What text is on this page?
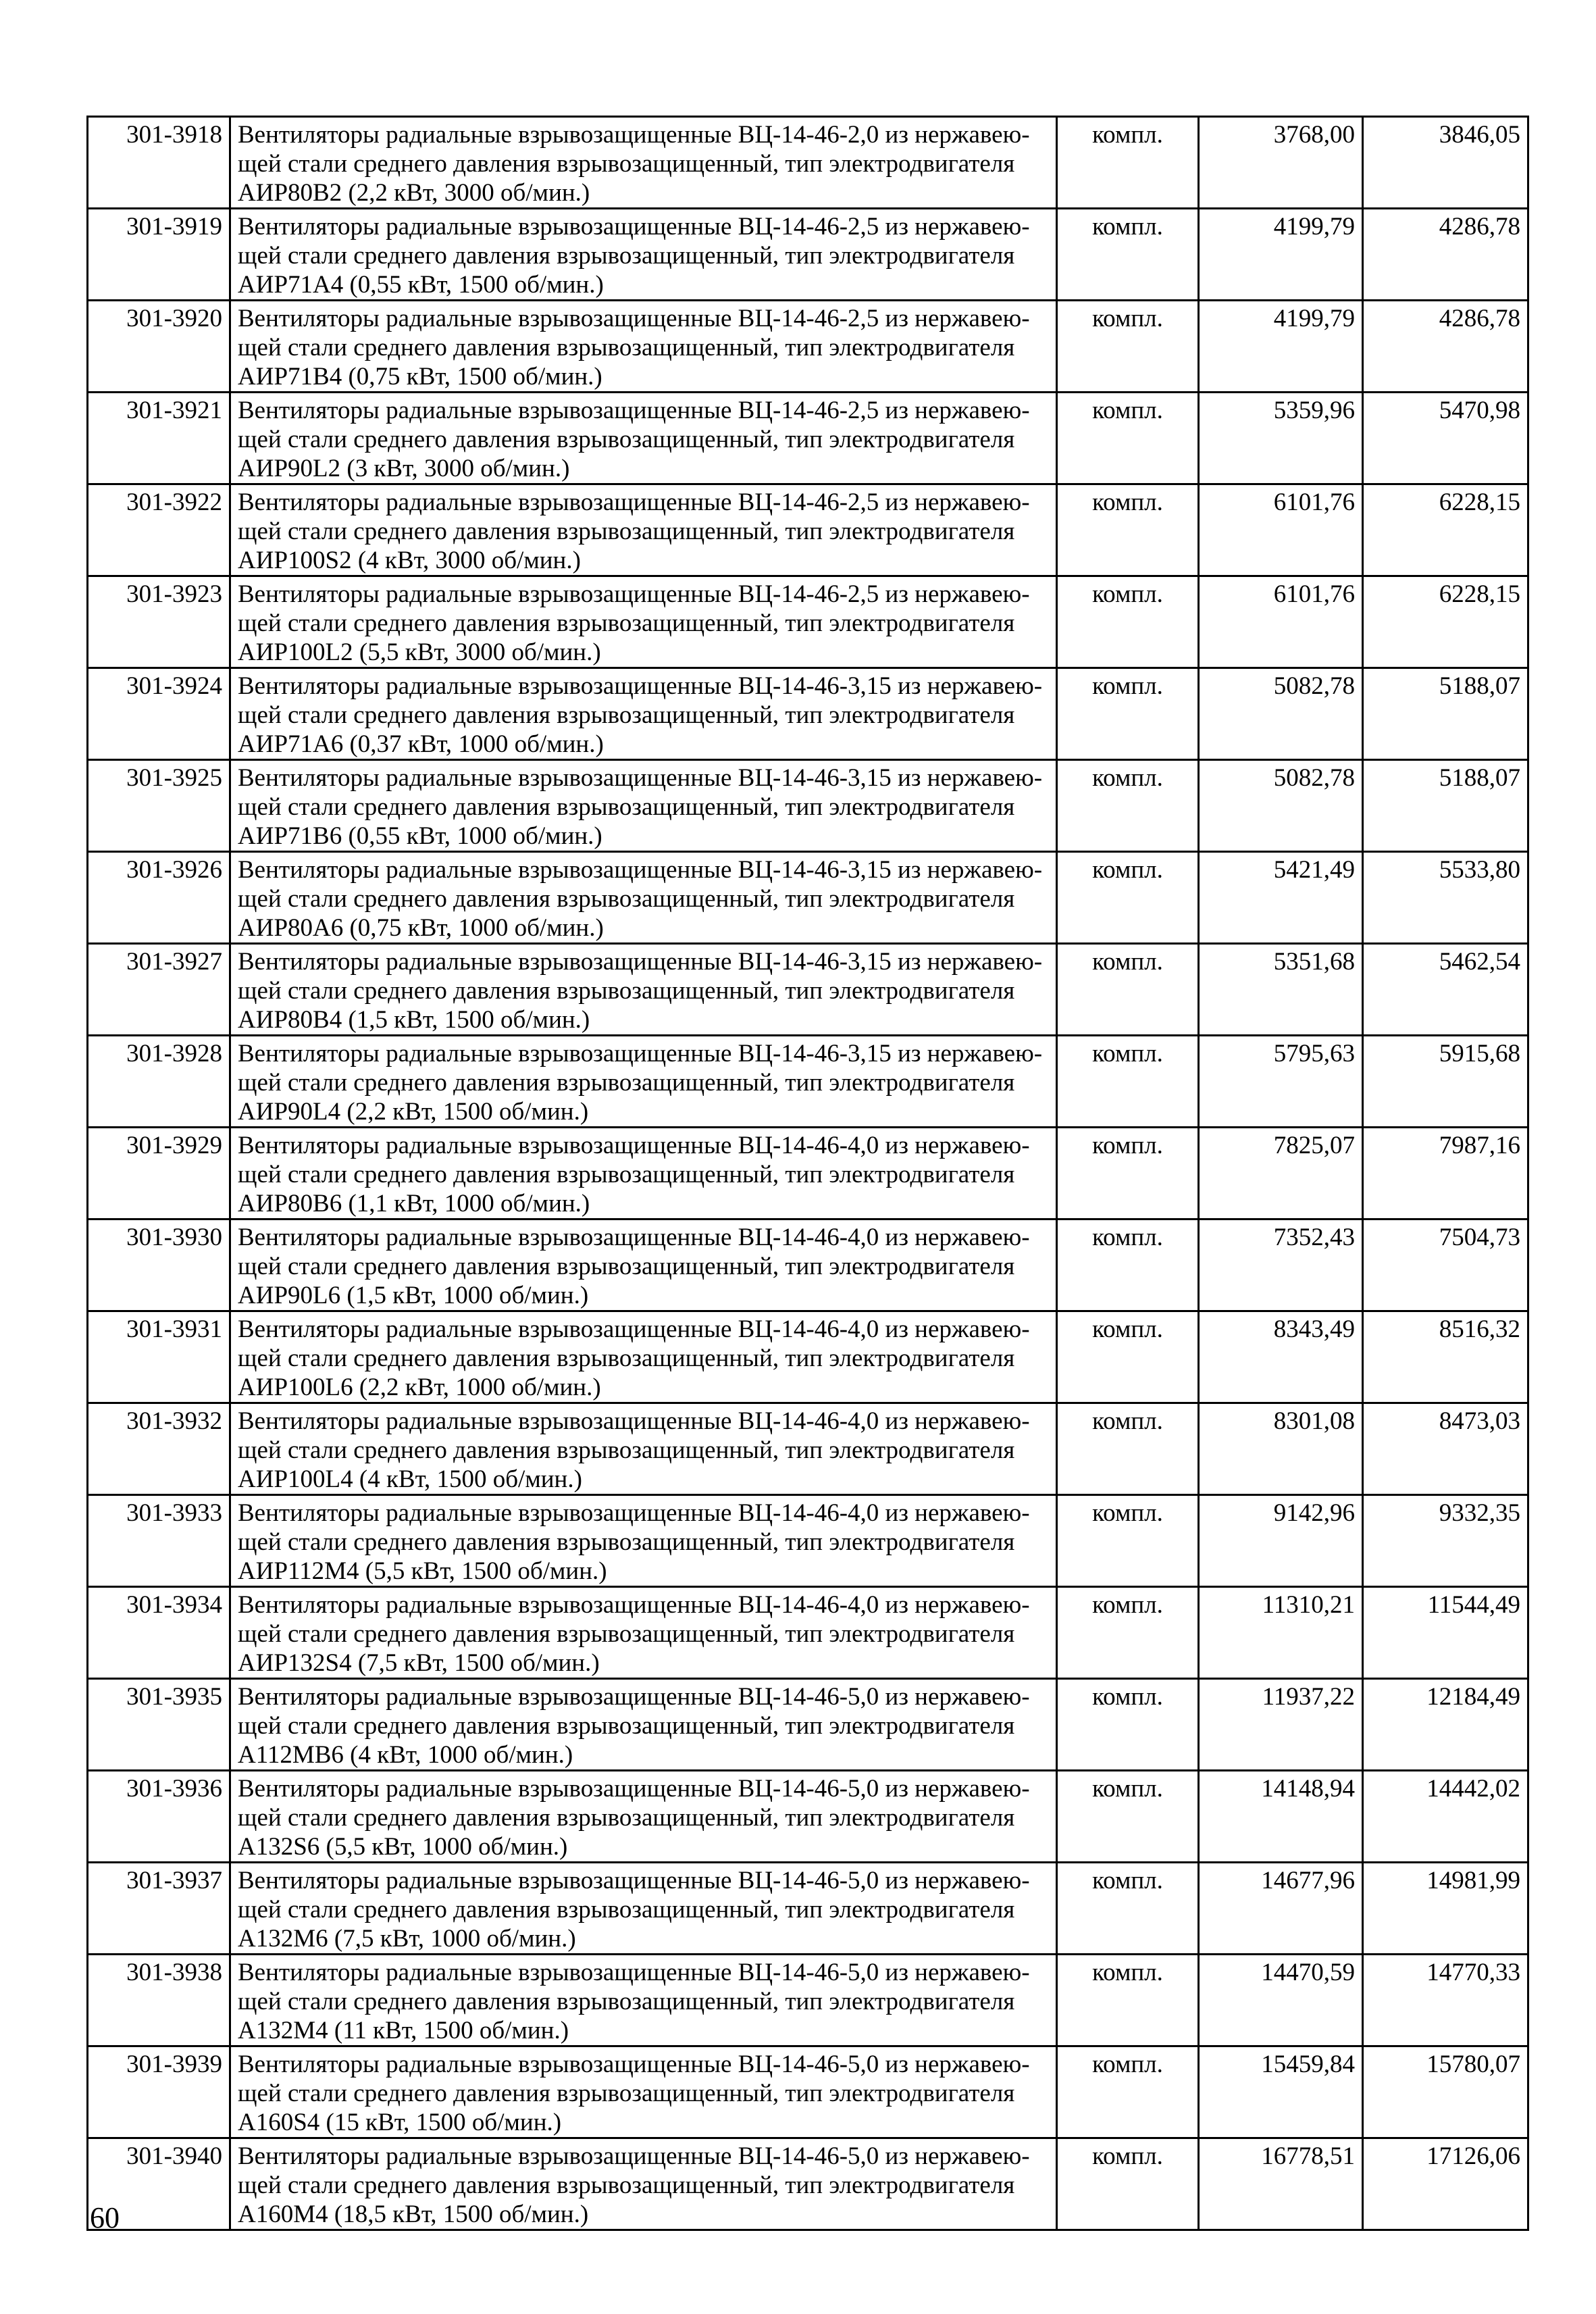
301-3918	Вентиляторы радиальные взрывозащищенные ВЦ-14-46-2,0 из нержавею-
щей стали среднего давления взрывозащищенный, тип электродвигателя
АИР80В2 (2,2 кВт, 3000 об/мин.)	компл.	3768,00	3846,05
301-3919	Вентиляторы радиальные взрывозащищенные ВЦ-14-46-2,5 из нержавею-
щей стали среднего давления взрывозащищенный, тип электродвигателя
АИР71А4 (0,55 кВт, 1500 об/мин.)	компл.	4199,79	4286,78
301-3920	Вентиляторы радиальные взрывозащищенные ВЦ-14-46-2,5 из нержавею-
щей стали среднего давления взрывозащищенный, тип электродвигателя
АИР71В4 (0,75 кВт, 1500 об/мин.)	компл.	4199,79	4286,78
301-3921	Вентиляторы радиальные взрывозащищенные ВЦ-14-46-2,5 из нержавею-
щей стали среднего давления взрывозащищенный, тип электродвигателя
АИР90L2 (3 кВт, 3000 об/мин.)	компл.	5359,96	5470,98
301-3922	Вентиляторы радиальные взрывозащищенные ВЦ-14-46-2,5 из нержавею-
щей стали среднего давления взрывозащищенный, тип электродвигателя
АИР100S2 (4 кВт, 3000 об/мин.)	компл.	6101,76	6228,15
301-3923	Вентиляторы радиальные взрывозащищенные ВЦ-14-46-2,5 из нержавею-
щей стали среднего давления взрывозащищенный, тип электродвигателя
АИР100L2 (5,5 кВт, 3000 об/мин.)	компл.	6101,76	6228,15
301-3924	Вентиляторы радиальные взрывозащищенные ВЦ-14-46-3,15 из нержавею-
щей стали среднего давления взрывозащищенный, тип электродвигателя
АИР71А6 (0,37 кВт, 1000 об/мин.)	компл.	5082,78	5188,07
301-3925	Вентиляторы радиальные взрывозащищенные ВЦ-14-46-3,15 из нержавею-
щей стали среднего давления взрывозащищенный, тип электродвигателя
АИР71В6 (0,55 кВт, 1000 об/мин.)	компл.	5082,78	5188,07
301-3926	Вентиляторы радиальные взрывозащищенные ВЦ-14-46-3,15 из нержавею-
щей стали среднего давления взрывозащищенный, тип электродвигателя
АИР80А6 (0,75 кВт, 1000 об/мин.)	компл.	5421,49	5533,80
301-3927	Вентиляторы радиальные взрывозащищенные ВЦ-14-46-3,15 из нержавею-
щей стали среднего давления взрывозащищенный, тип электродвигателя
АИР80В4 (1,5 кВт, 1500 об/мин.)	компл.	5351,68	5462,54
301-3928	Вентиляторы радиальные взрывозащищенные ВЦ-14-46-3,15 из нержавею-
щей стали среднего давления взрывозащищенный, тип электродвигателя
АИР90L4 (2,2 кВт, 1500 об/мин.)	компл.	5795,63	5915,68
301-3929	Вентиляторы радиальные взрывозащищенные ВЦ-14-46-4,0 из нержавею-
щей стали среднего давления взрывозащищенный, тип электродвигателя
АИР80В6 (1,1 кВт, 1000 об/мин.)	компл.	7825,07	7987,16
301-3930	Вентиляторы радиальные взрывозащищенные ВЦ-14-46-4,0 из нержавею-
щей стали среднего давления взрывозащищенный, тип электродвигателя
АИР90L6 (1,5 кВт, 1000 об/мин.)	компл.	7352,43	7504,73
301-3931	Вентиляторы радиальные взрывозащищенные ВЦ-14-46-4,0 из нержавею-
щей стали среднего давления взрывозащищенный, тип электродвигателя
АИР100L6 (2,2 кВт, 1000 об/мин.)	компл.	8343,49	8516,32
301-3932	Вентиляторы радиальные взрывозащищенные ВЦ-14-46-4,0 из нержавею-
щей стали среднего давления взрывозащищенный, тип электродвигателя
АИР100L4 (4 кВт, 1500 об/мин.)	компл.	8301,08	8473,03
301-3933	Вентиляторы радиальные взрывозащищенные ВЦ-14-46-4,0 из нержавею-
щей стали среднего давления взрывозащищенный, тип электродвигателя
АИР112М4 (5,5 кВт, 1500 об/мин.)	компл.	9142,96	9332,35
301-3934	Вентиляторы радиальные взрывозащищенные ВЦ-14-46-4,0 из нержавею-
щей стали среднего давления взрывозащищенный, тип электродвигателя
АИР132S4 (7,5 кВт, 1500 об/мин.)	компл.	11310,21	11544,49
301-3935	Вентиляторы радиальные взрывозащищенные ВЦ-14-46-5,0 из нержавею-
щей стали среднего давления взрывозащищенный, тип электродвигателя
А112МВ6 (4 кВт, 1000 об/мин.)	компл.	11937,22	12184,49
301-3936	Вентиляторы радиальные взрывозащищенные ВЦ-14-46-5,0 из нержавею-
щей стали среднего давления взрывозащищенный, тип электродвигателя
А132S6 (5,5 кВт, 1000 об/мин.)	компл.	14148,94	14442,02
301-3937	Вентиляторы радиальные взрывозащищенные ВЦ-14-46-5,0 из нержавею-
щей стали среднего давления взрывозащищенный, тип электродвигателя
А132М6 (7,5 кВт, 1000 об/мин.)	компл.	14677,96	14981,99
301-3938	Вентиляторы радиальные взрывозащищенные ВЦ-14-46-5,0 из нержавею-
щей стали среднего давления взрывозащищенный, тип электродвигателя
А132М4 (11 кВт, 1500 об/мин.)	компл.	14470,59	14770,33
301-3939	Вентиляторы радиальные взрывозащищенные ВЦ-14-46-5,0 из нержавею-
щей стали среднего давления взрывозащищенный, тип электродвигателя
А160S4 (15 кВт, 1500 об/мин.)	компл.	15459,84	15780,07
301-3940	Вентиляторы радиальные взрывозащищенные ВЦ-14-46-5,0 из нержавею-
щей стали среднего давления взрывозащищенный, тип электродвигателя
А160М4 (18,5 кВт, 1500 об/мин.)	компл.	16778,51	17126,06
60
